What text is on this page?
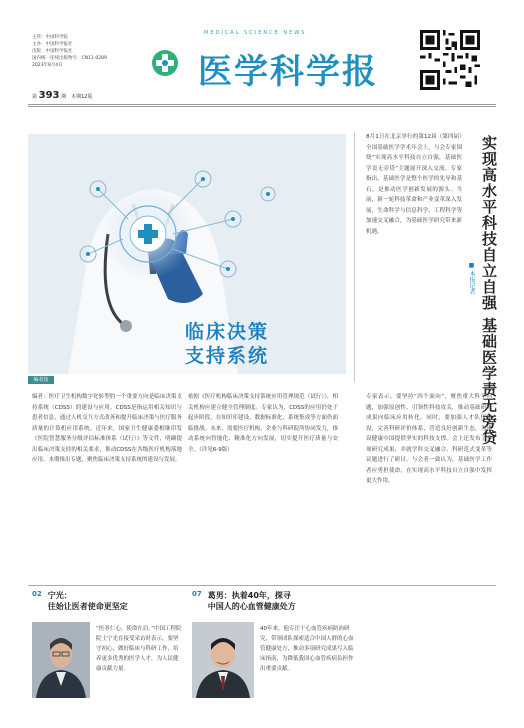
主管：中国科学院
主办：中国科学报社
出版：中国科学报社
国内统一连续出版物号：CN11-0289
2023年8月4日
第 393 期　本期12版
MEDICAL SCIENCE NEWS
医学科学报
临床决策
支持系统
编者按
编者：医疗卫生机构数字化转型的一个重要方向是临床决策支持系统（CDSS）的建设与应用。CDSS是指运用相关知识与患者信息，通过人机交互方式改善和提升临床决策与医疗服务质量的计算机应用系统。近年来，国家卫生健康委相继印发《医院智慧服务分级评估标准体系（试行）》等文件，明确提出临床决策支持的相关要求，推动CDSS在各级医疗机构落地应用。本期推出专题，聚焦临床决策支持系统的建设与发展。
依据《医疗机构临床决策支持系统应用管理规范（试行）》，相关机构应建立健全管理制度。专家认为，CDSS的应用仍处于起步阶段，在知识库建设、数据标准化、系统集成等方面仍面临挑战。未来，需要医疗机构、企业与科研院所协同发力，推动系统向智能化、精准化方向发展，切实提升医疗质量与安全。（详见6-9版）
实现高水平科技自立自强 基础医学责无旁贷
■ 本报记者
8月1日在北京举行的第12届（第四届）全国基础医学学术年会上，与会专家围绕“实现高水平科技自立自强，基础医学责无旁贷”主题展开深入交流。专家指出，基础医学是整个医学的先导和基石，是推动医学创新发展的源头。当前，新一轮科技革命和产业变革深入发展，生命科学与信息科学、工程科学等加速交叉融合，为基础医学研究带来新机遇。
专家表示，要坚持“四个面向”，聚焦重大科学问题，加强原创性、引领性科技攻关，推动基础研究成果向临床应用转化。同时，要加强人才队伍建设，完善科研评价体系，营造良好创新生态，为建设健康中国提供坚实的科技支撑。会上还发布了多项研究成果，并就学科交叉融合、科研范式变革等议题进行了研讨。与会者一致认为，基础医学工作者应勇担使命，在实现高水平科技自立自强中发挥更大作用。
02 宁光：
往始让医者使命更坚定
“医者仁心，使命在肩。”中国工程院院士宁光在接受采访时表示，要坚守初心，做好临床与科研工作，培养更多优秀的医学人才，为人民健康贡献力量。
07 葛男：执着40年，探寻
中国人的心血管健康处方
40年来，他专注于心血管疾病防治研究，带领团队探索适合中国人群的心血管健康处方，推动多项研究成果写入临床指南，为降低我国心血管疾病负担作出重要贡献。
